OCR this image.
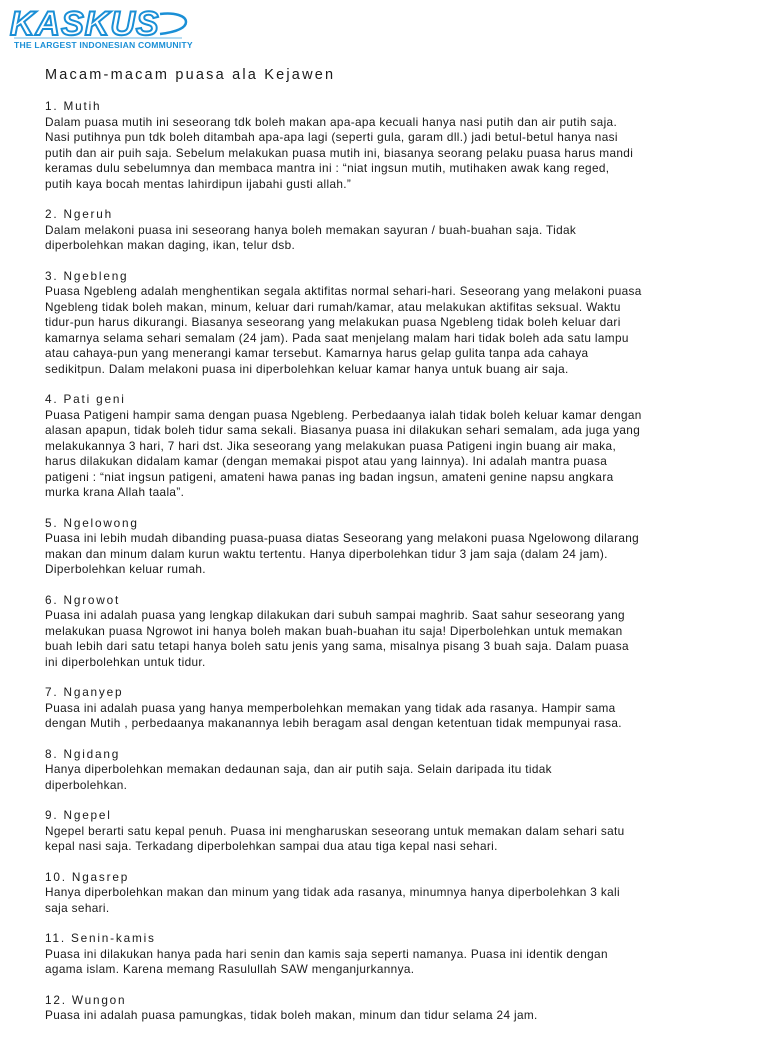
KASKUS
THE LARGEST INDONESIAN COMMUNITY
Macam-macam puasa ala Kejawen
1. Mutih
Dalam puasa mutih ini seseorang tdk boleh makan apa-apa kecuali hanya nasi putih dan air putih saja.
Nasi putihnya pun tdk boleh ditambah apa-apa lagi (seperti gula, garam dll.) jadi betul-betul hanya nasi
putih dan air puih saja. Sebelum melakukan puasa mutih ini, biasanya seorang pelaku puasa harus mandi
keramas dulu sebelumnya dan membaca mantra ini : “niat ingsun mutih, mutihaken awak kang reged,
putih kaya bocah mentas lahirdipun ijabahi gusti allah.”
2. Ngeruh
Dalam melakoni puasa ini seseorang hanya boleh memakan sayuran / buah-buahan saja. Tidak
diperbolehkan makan daging, ikan, telur dsb.
3. Ngebleng
Puasa Ngebleng adalah menghentikan segala aktifitas normal sehari-hari. Seseorang yang melakoni puasa
Ngebleng tidak boleh makan, minum, keluar dari rumah/kamar, atau melakukan aktifitas seksual. Waktu
tidur-pun harus dikurangi. Biasanya seseorang yang melakukan puasa Ngebleng tidak boleh keluar dari
kamarnya selama sehari semalam (24 jam). Pada saat menjelang malam hari tidak boleh ada satu lampu
atau cahaya-pun yang menerangi kamar tersebut. Kamarnya harus gelap gulita tanpa ada cahaya
sedikitpun. Dalam melakoni puasa ini diperbolehkan keluar kamar hanya untuk buang air saja.
4. Pati geni
Puasa Patigeni hampir sama dengan puasa Ngebleng. Perbedaanya ialah tidak boleh keluar kamar dengan
alasan apapun, tidak boleh tidur sama sekali. Biasanya puasa ini dilakukan sehari semalam, ada juga yang
melakukannya 3 hari, 7 hari dst. Jika seseorang yang melakukan puasa Patigeni ingin buang air maka,
harus dilakukan didalam kamar (dengan memakai pispot atau yang lainnya). Ini adalah mantra puasa
patigeni : “niat ingsun patigeni, amateni hawa panas ing badan ingsun, amateni genine napsu angkara
murka krana Allah taala”.
5. Ngelowong
Puasa ini lebih mudah dibanding puasa-puasa diatas Seseorang yang melakoni puasa Ngelowong dilarang
makan dan minum dalam kurun waktu tertentu. Hanya diperbolehkan tidur 3 jam saja (dalam 24 jam).
Diperbolehkan keluar rumah.
6. Ngrowot
Puasa ini adalah puasa yang lengkap dilakukan dari subuh sampai maghrib. Saat sahur seseorang yang
melakukan puasa Ngrowot ini hanya boleh makan buah-buahan itu saja! Diperbolehkan untuk memakan
buah lebih dari satu tetapi hanya boleh satu jenis yang sama, misalnya pisang 3 buah saja. Dalam puasa
ini diperbolehkan untuk tidur.
7. Nganyep
Puasa ini adalah puasa yang hanya memperbolehkan memakan yang tidak ada rasanya. Hampir sama
dengan Mutih , perbedaanya makanannya lebih beragam asal dengan ketentuan tidak mempunyai rasa.
8. Ngidang
Hanya diperbolehkan memakan dedaunan saja, dan air putih saja. Selain daripada itu tidak
diperbolehkan.
9. Ngepel
Ngepel berarti satu kepal penuh. Puasa ini mengharuskan seseorang untuk memakan dalam sehari satu
kepal nasi saja. Terkadang diperbolehkan sampai dua atau tiga kepal nasi sehari.
10. Ngasrep
Hanya diperbolehkan makan dan minum yang tidak ada rasanya, minumnya hanya diperbolehkan 3 kali
saja sehari.
11. Senin-kamis
Puasa ini dilakukan hanya pada hari senin dan kamis saja seperti namanya. Puasa ini identik dengan
agama islam. Karena memang Rasulullah SAW menganjurkannya.
12. Wungon
Puasa ini adalah puasa pamungkas, tidak boleh makan, minum dan tidur selama 24 jam.
